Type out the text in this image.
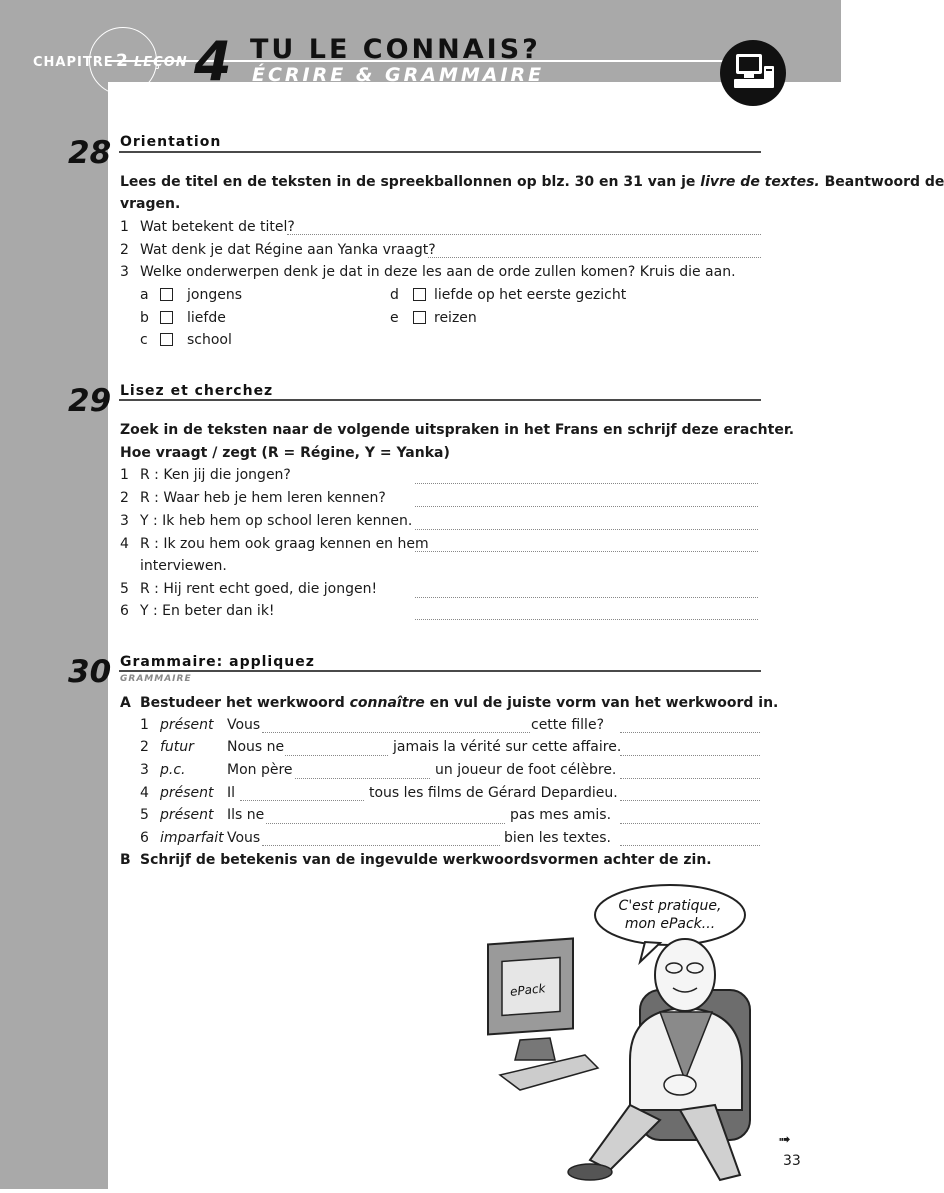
CHAPITRE 2 LEÇON 4 TU LE CONNAIS?
ÉCRIRE & GRAMMAIRE
28 Orientation
Lees de titel en de teksten in de spreekballonnen op blz. 30 en 31 van je livre de textes. Beantwoord de
vragen.
1 Wat betekent de titel?
2 Wat denk je dat Régine aan Yanka vraagt?
3 Welke onderwerpen denk je dat in deze les aan de orde zullen komen? Kruis die aan.
a	jongens
b	liefde
c	school
d	liefde op het eerste gezicht
e	reizen
29 Lisez et cherchez
Zoek in de teksten naar de volgende uitspraken in het Frans en schrijf deze erachter.
Hoe vraagt / zegt (R = Régine, Y = Yanka)
1 R : Ken jij die jongen?
2 R : Waar heb je hem leren kennen?
3 Y : Ik heb hem op school leren kennen.
4 R : Ik zou hem ook graag kennen en hem
interviewen.
5 R : Hij rent echt goed, die jongen!
6 Y : En beter dan ik!
30 Grammaire: appliquez
GRAMMAIRE
A Bestudeer het werkwoord connaître en vul de juiste vorm van het werkwoord in.
1 présent Vous	cette fille?
2 futur Nous ne	jamais la vérité sur cette affaire.
3 p.c.	Mon père	un joueur de foot célèbre.
4 présent Il	tous les films de Gérard Depardieu.
5 présent Ils ne	pas mes amis.
6 imparfait Vous	bien les textes.
B Schrijf de betekenis van de ingevulde werkwoordsvormen achter de zin.
C'est pratique,
mon ePack...
ePack
➟
33
